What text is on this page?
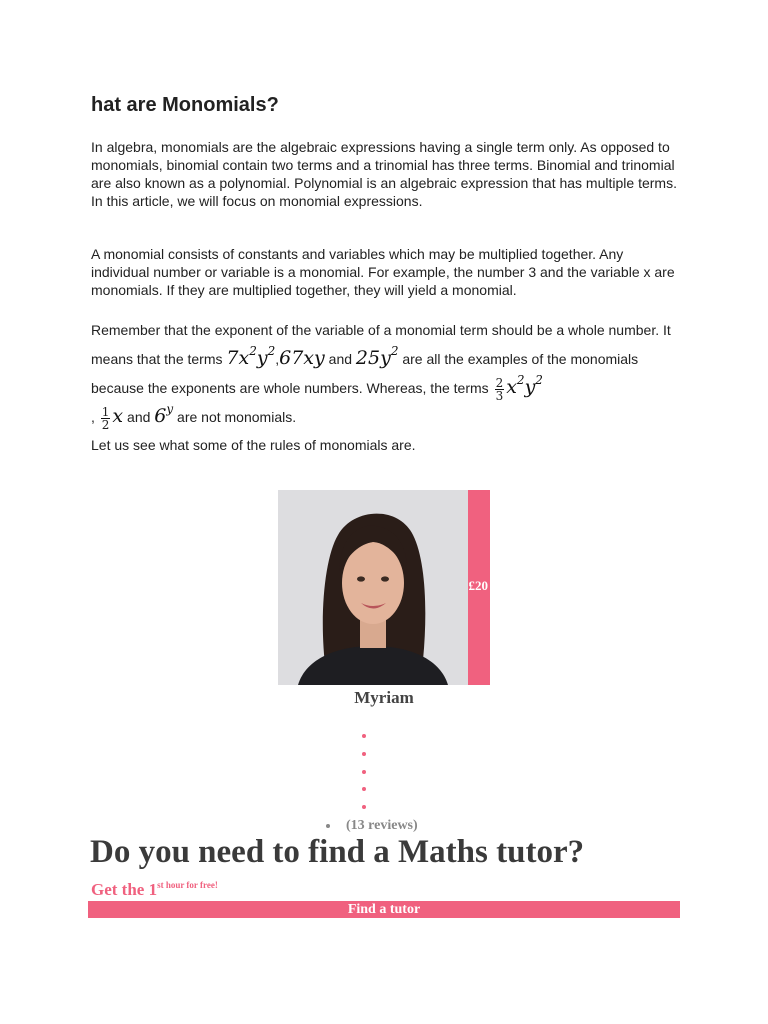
hat are Monomials?

In algebra, monomials are the algebraic expressions having a single term only. As opposed to monomials, binomial contain two terms and a trinomial has three terms. Binomial and trinomial are also known as a polynomial. Polynomial is an algebraic expression that has multiple terms. In this article, we will focus on monomial expressions.

A monomial consists of constants and variables which may be multiplied together. Any individual number or variable is a monomial. For example, the number 3 and the variable x are monomials. If they are multiplied together, they will yield a monomial.

Remember that the exponent of the variable of a monomial term should be a whole number. It means that the terms $7x^2y^2,67xy$ and $25y^2$ are all the examples of the monomials because the exponents are whole numbers. Whereas, the terms $\frac{2}{3} x^2y^2$
, $\frac{1}{2}$ x and 6$^y$ are not monomials.

Let us see what some of the rules of monomials are.

£20
Myriam
(13 reviews)
Do you need to find a Maths tutor?
Get the $1^{st hour for free!}$
Find a tutor
